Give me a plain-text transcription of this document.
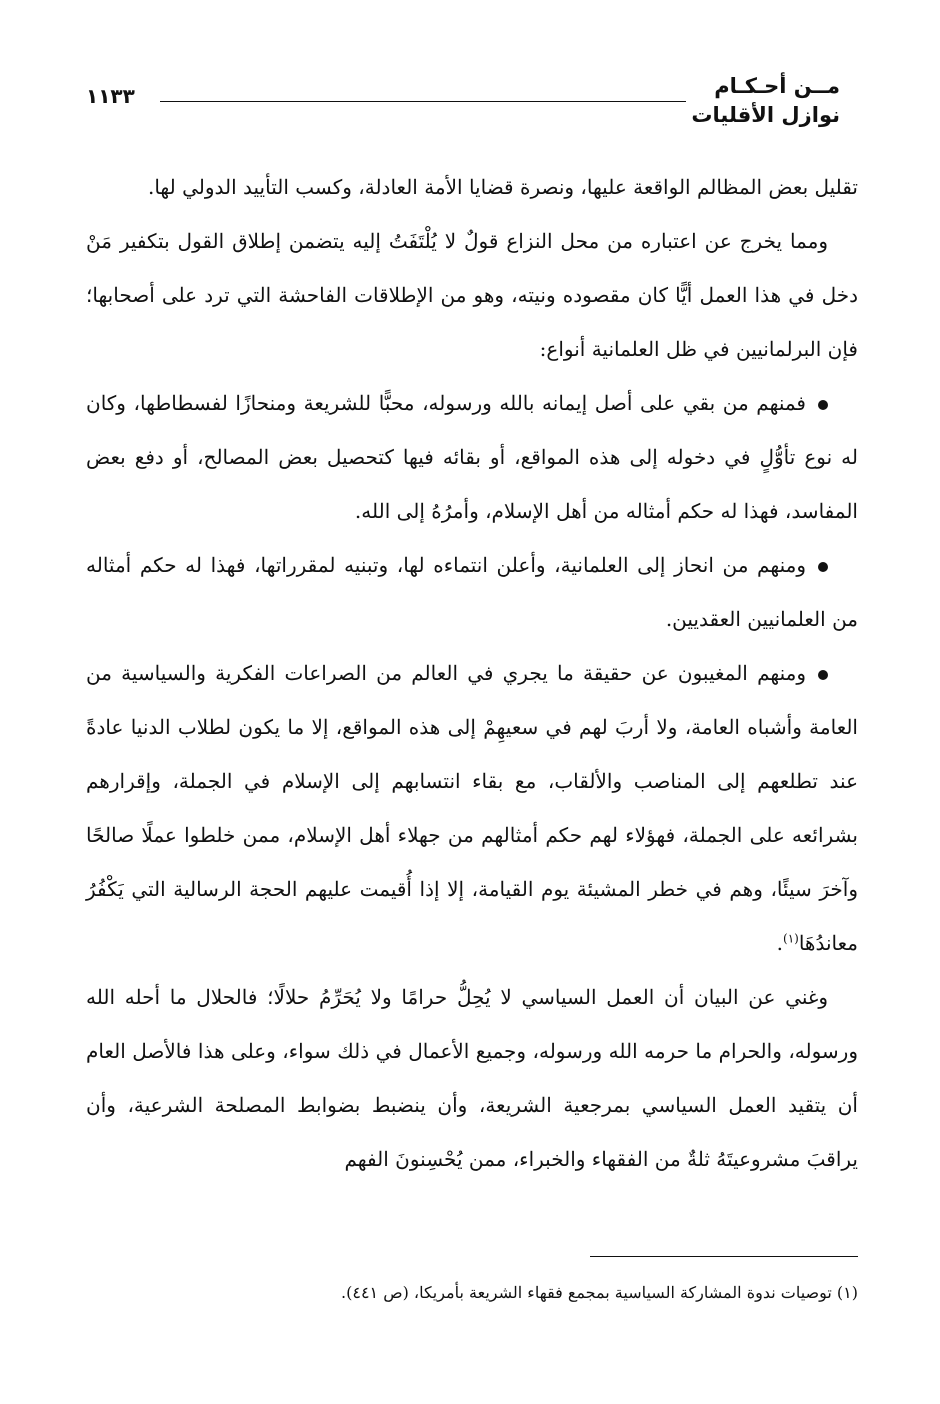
مــن أحـكـام
نوازل الأقليات
١١٣٣

تقليل بعض المظالم الواقعة عليها، ونصرة قضايا الأمة العادلة، وكسب التأييد الدولي لها.

ومما يخرج عن اعتباره من محل النزاع قولٌ لا يُلْتَفَتُ إليه يتضمن إطلاق القول بتكفير مَنْ دخل في هذا العمل أيًّا كان مقصوده ونيته، وهو من الإطلاقات الفاحشة التي ترد على أصحابها؛ فإن البرلمانيين في ظل العلمانية أنواع:

فمنهم من بقي على أصل إيمانه بالله ورسوله، محبًّا للشريعة ومنحازًا لفسطاطها، وكان له نوع تأوُّلٍ في دخوله إلى هذه المواقع، أو بقائه فيها كتحصيل بعض المصالح، أو دفع بعض المفاسد، فهذا له حكم أمثاله من أهل الإسلام، وأمرُهُ إلى الله.

ومنهم من انحاز إلى العلمانية، وأعلن انتماءه لها، وتبنيه لمقرراتها، فهذا له حكم أمثاله من العلمانيين العقديين.

ومنهم المغيبون عن حقيقة ما يجري في العالم من الصراعات الفكرية والسياسية من العامة وأشباه العامة، ولا أربَ لهم في سعيهِمْ إلى هذه المواقع، إلا ما يكون لطلاب الدنيا عادةً عند تطلعهم إلى المناصب والألقاب، مع بقاء انتسابهم إلى الإسلام في الجملة، وإقرارهم بشرائعه على الجملة، فهؤلاء لهم حكم أمثالهم من جهلاء أهل الإسلام، ممن خلطوا عملًا صالحًا وآخرَ سيئًا، وهم في خطر المشيئة يوم القيامة، إلا إذا أُقيمت عليهم الحجة الرسالية التي يَكْفُرُ معاندُهَا$^{(١)}$.

وغني عن البيان أن العمل السياسي لا يُحِلُّ حرامًا ولا يُحَرِّمُ حلالًا؛ فالحلال ما أحله الله ورسوله، والحرام ما حرمه الله ورسوله، وجميع الأعمال في ذلك سواء، وعلى هذا فالأصل العام أن يتقيد العمل السياسي بمرجعية الشريعة، وأن ينضبط بضوابط المصلحة الشرعية، وأن يراقبَ مشروعيتَهُ ثلةٌ من الفقهاء والخبراء، ممن يُحْسِنونَ الفهم

(١) توصيات ندوة المشاركة السياسية بمجمع فقهاء الشريعة بأمريكا، (ص ٤٤١).
